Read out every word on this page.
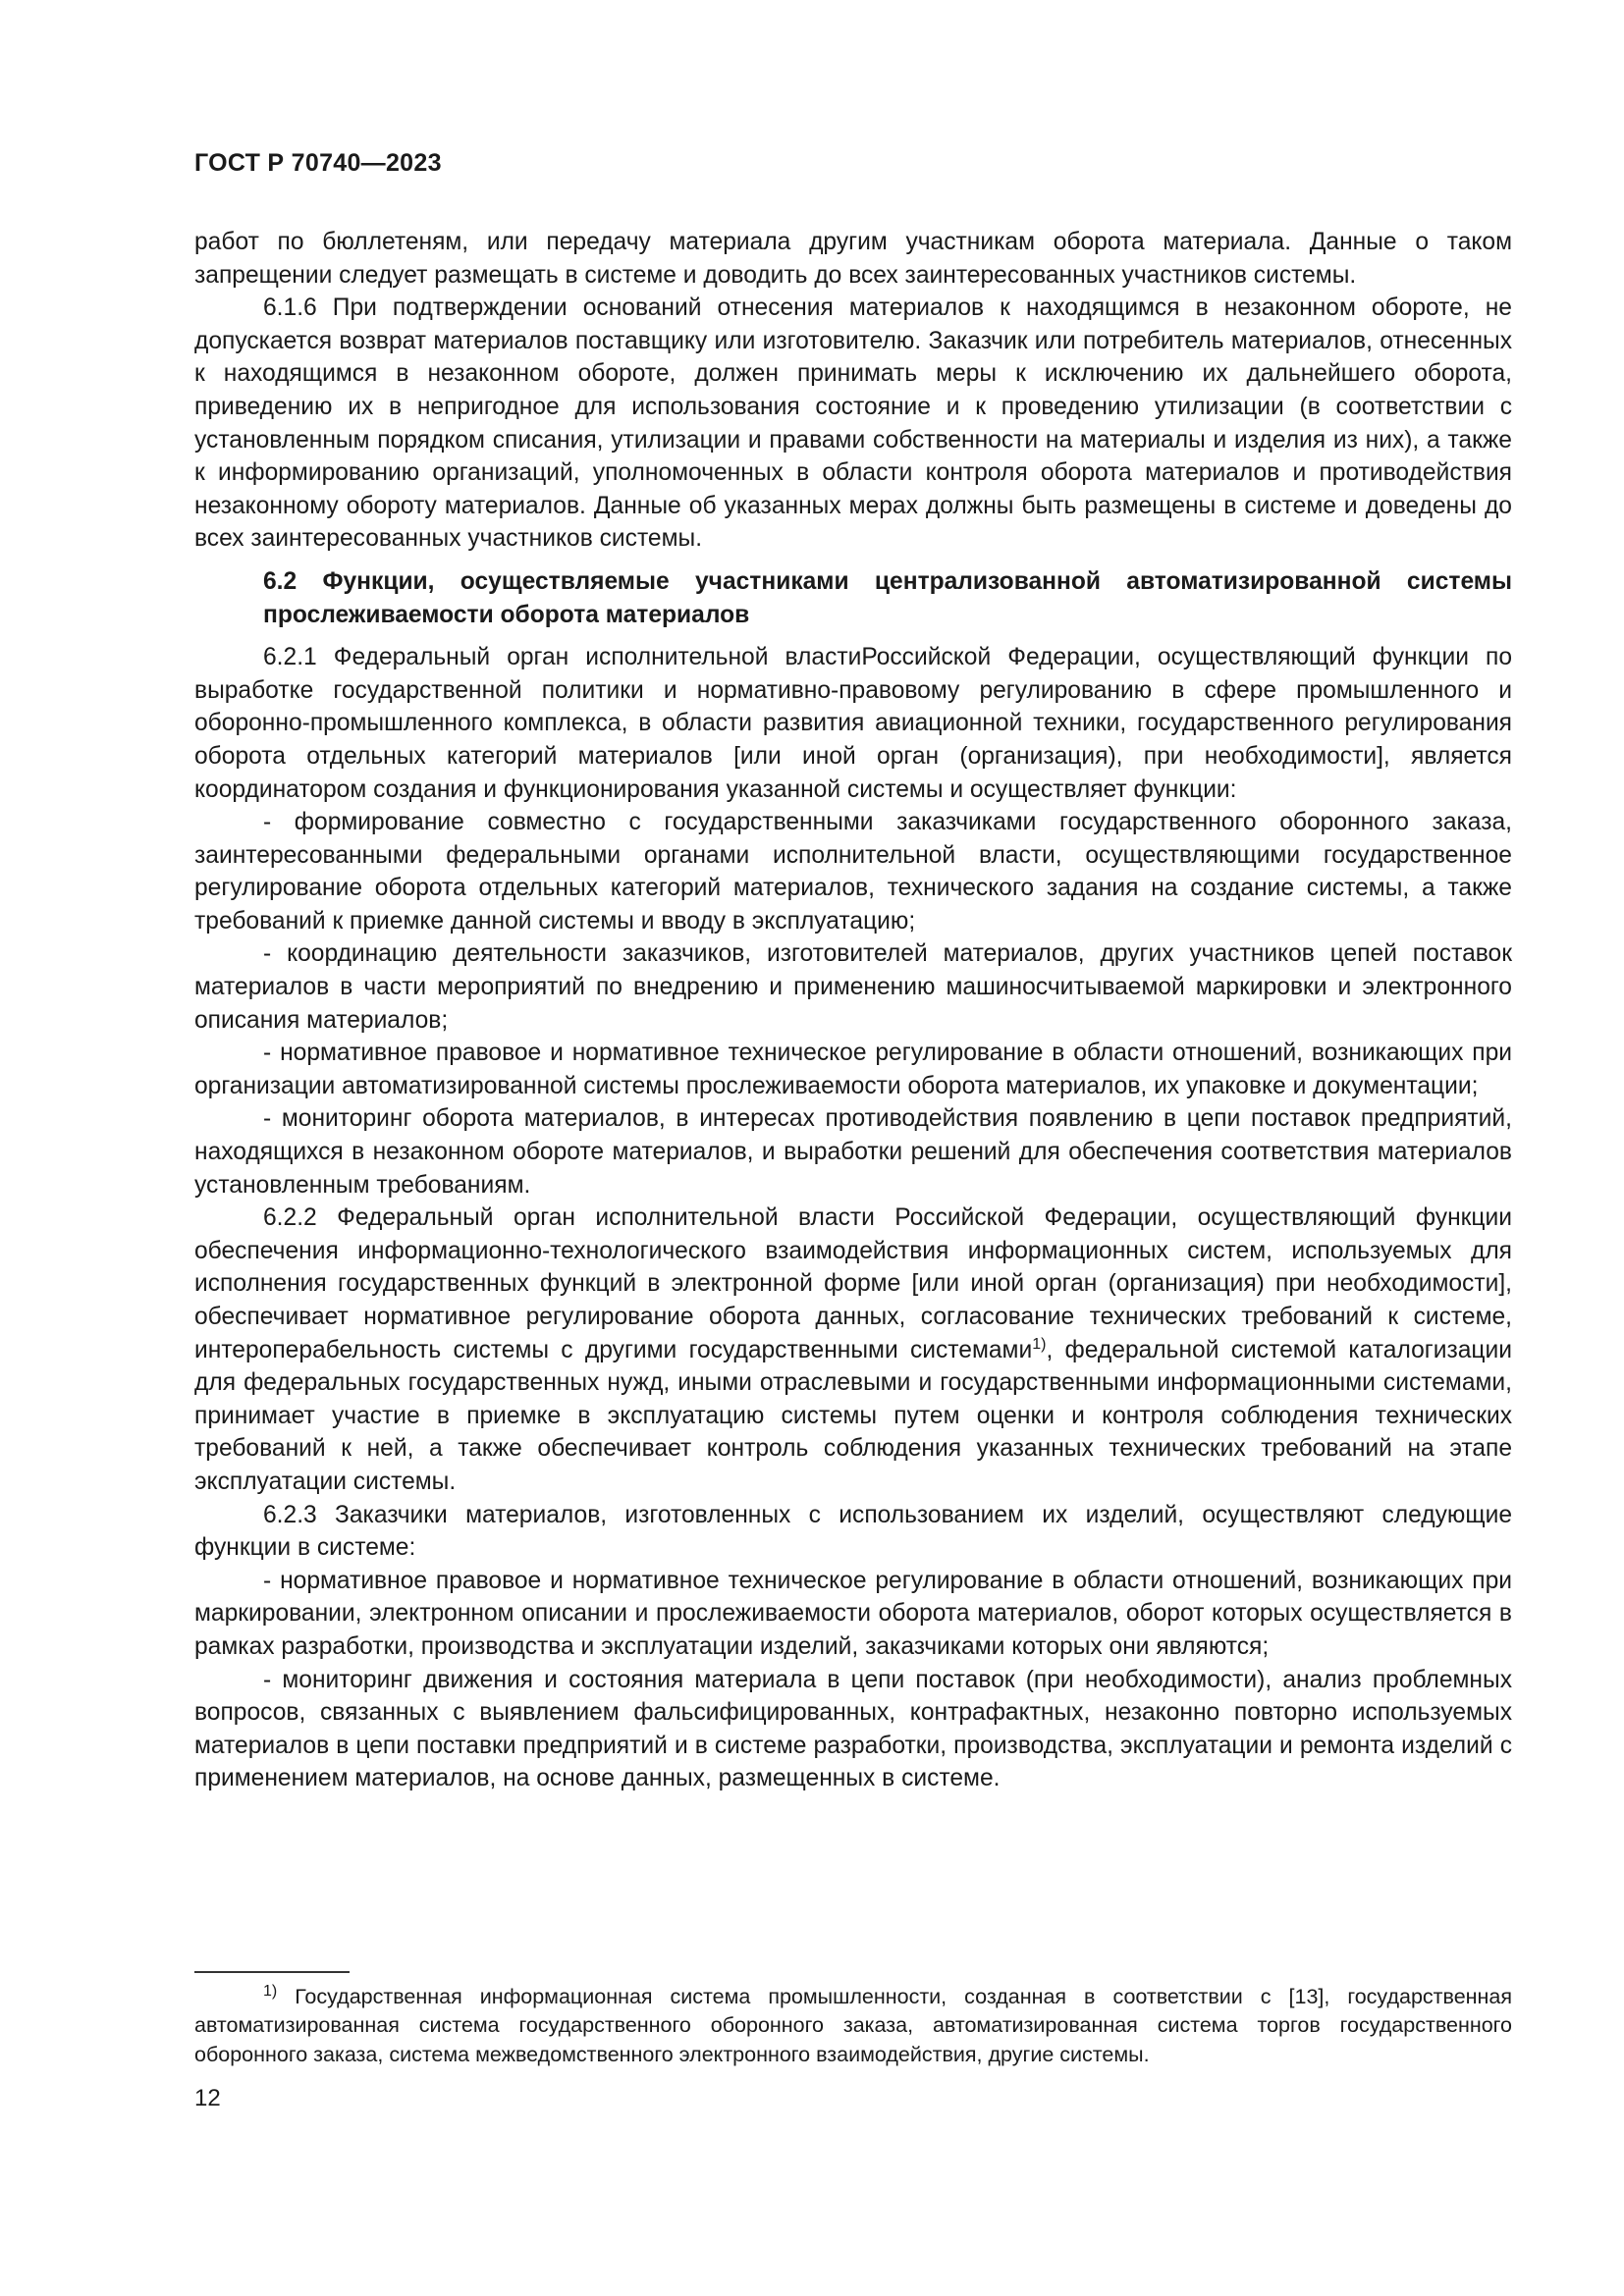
ГОСТ Р 70740—2023

работ по бюллетеням, или передачу материала другим участникам оборота материала. Данные о таком запрещении следует размещать в системе и доводить до всех заинтересованных участников системы.

6.1.6 При подтверждении оснований отнесения материалов к находящимся в незаконном обороте, не допускается возврат материалов поставщику или изготовителю. Заказчик или потребитель материалов, отнесенных к находящимся в незаконном обороте, должен принимать меры к исключению их дальнейшего оборота, приведению их в непригодное для использования состояние и к проведению утилизации (в соответствии с установленным порядком списания, утилизации и правами собственности на материалы и изделия из них), а также к информированию организаций, уполномоченных в области контроля оборота материалов и противодействия незаконному обороту материалов. Данные об указанных мерах должны быть размещены в системе и доведены до всех заинтересованных участников системы.

6.2 Функции, осуществляемые участниками централизованной автоматизированной системы прослеживаемости оборота материалов

6.2.1 Федеральный орган исполнительной властиРоссийской Федерации, осуществляющий функции по выработке государственной политики и нормативно-правовому регулированию в сфере промышленного и оборонно-промышленного комплекса, в области развития авиационной техники, государственного регулирования оборота отдельных категорий материалов [или иной орган (организация), при необходимости], является координатором создания и функционирования указанной системы и осуществляет функции:

- формирование совместно с государственными заказчиками государственного оборонного заказа, заинтересованными федеральными органами исполнительной власти, осуществляющими государственное регулирование оборота отдельных категорий материалов, технического задания на создание системы, а также требований к приемке данной системы и вводу в эксплуатацию;

- координацию деятельности заказчиков, изготовителей материалов, других участников цепей поставок материалов в части мероприятий по внедрению и применению машиносчитываемой маркировки и электронного описания материалов;

- нормативное правовое и нормативное техническое регулирование в области отношений, возникающих при организации автоматизированной системы прослеживаемости оборота материалов, их упаковке и документации;

- мониторинг оборота материалов, в интересах противодействия появлению в цепи поставок предприятий, находящихся в незаконном обороте материалов, и выработки решений для обеспечения соответствия материалов установленным требованиям.

6.2.2 Федеральный орган исполнительной власти Российской Федерации, осуществляющий функции обеспечения информационно-технологического взаимодействия информационных систем, используемых для исполнения государственных функций в электронной форме [или иной орган (организация) при необходимости], обеспечивает нормативное регулирование оборота данных, согласование технических требований к системе, интероперабельность системы с другими государственными системами$^{1)}$, федеральной системой каталогизации для федеральных государственных нужд, иными отраслевыми и государственными информационными системами, принимает участие в приемке в эксплуатацию системы путем оценки и контроля соблюдения технических требований к ней, а также обеспечивает контроль соблюдения указанных технических требований на этапе эксплуатации системы.

6.2.3 Заказчики материалов, изготовленных с использованием их изделий, осуществляют следующие функции в системе:

- нормативное правовое и нормативное техническое регулирование в области отношений, возникающих при маркировании, электронном описании и прослеживаемости оборота материалов, оборот которых осуществляется в рамках разработки, производства и эксплуатации изделий, заказчиками которых они являются;

- мониторинг движения и состояния материала в цепи поставок (при необходимости), анализ проблемных вопросов, связанных с выявлением фальсифицированных, контрафактных, незаконно повторно используемых материалов в цепи поставки предприятий и в системе разработки, производства, эксплуатации и ремонта изделий с применением материалов, на основе данных, размещенных в системе.

$^{1)}$ Государственная информационная система промышленности, созданная в соответствии с [13], государственная автоматизированная система государственного оборонного заказа, автоматизированная система торгов государственного оборонного заказа, система межведомственного электронного взаимодействия, другие системы.

12
